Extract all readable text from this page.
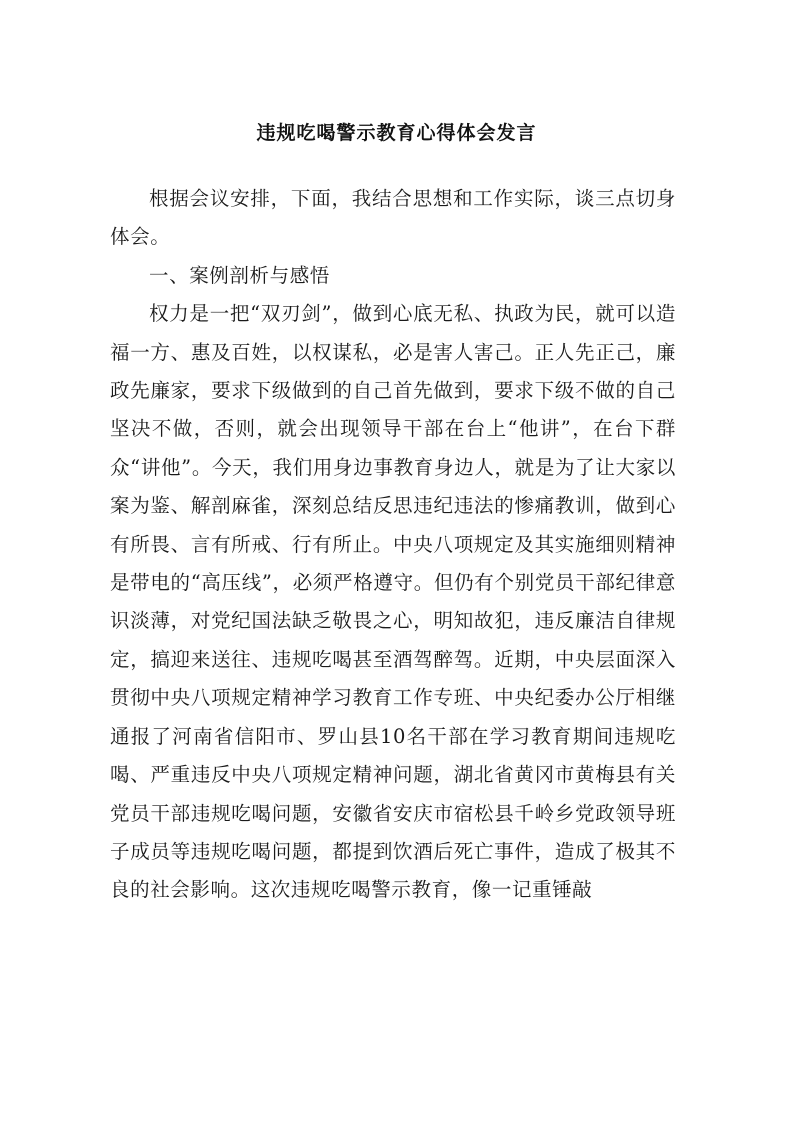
违规吃喝警示教育心得体会发言

根据会议安排，下面，我结合思想和工作实际，谈三点切身体会。

一、案例剖析与感悟

权力是一把“双刃剑”，做到心底无私、执政为民，就可以造福一方、惠及百姓，以权谋私，必是害人害己。正人先正己，廉政先廉家，要求下级做到的自己首先做到，要求下级不做的自己坚决不做，否则，就会出现领导干部在台上“他讲”，在台下群众“讲他”。今天，我们用身边事教育身边人，就是为了让大家以案为鉴、解剖麻雀，深刻总结反思违纪违法的惨痛教训，做到心有所畏、言有所戒、行有所止。中央八项规定及其实施细则精神是带电的“高压线”，必须严格遵守。但仍有个别党员干部纪律意识淡薄，对党纪国法缺乏敬畏之心，明知故犯，违反廉洁自律规定，搞迎来送往、违规吃喝甚至酒驾醉驾。近期，中央层面深入贯彻中央八项规定精神学习教育工作专班、中央纪委办公厅相继通报了河南省信阳市、罗山县10名干部在学习教育期间违规吃喝、严重违反中央八项规定精神问题，湖北省黄冈市黄梅县有关党员干部违规吃喝问题，安徽省安庆市宿松县千岭乡党政领导班子成员等违规吃喝问题，都提到饮酒后死亡事件，造成了极其不良的社会影响。这次违规吃喝警示教育，像一记重锤敲
